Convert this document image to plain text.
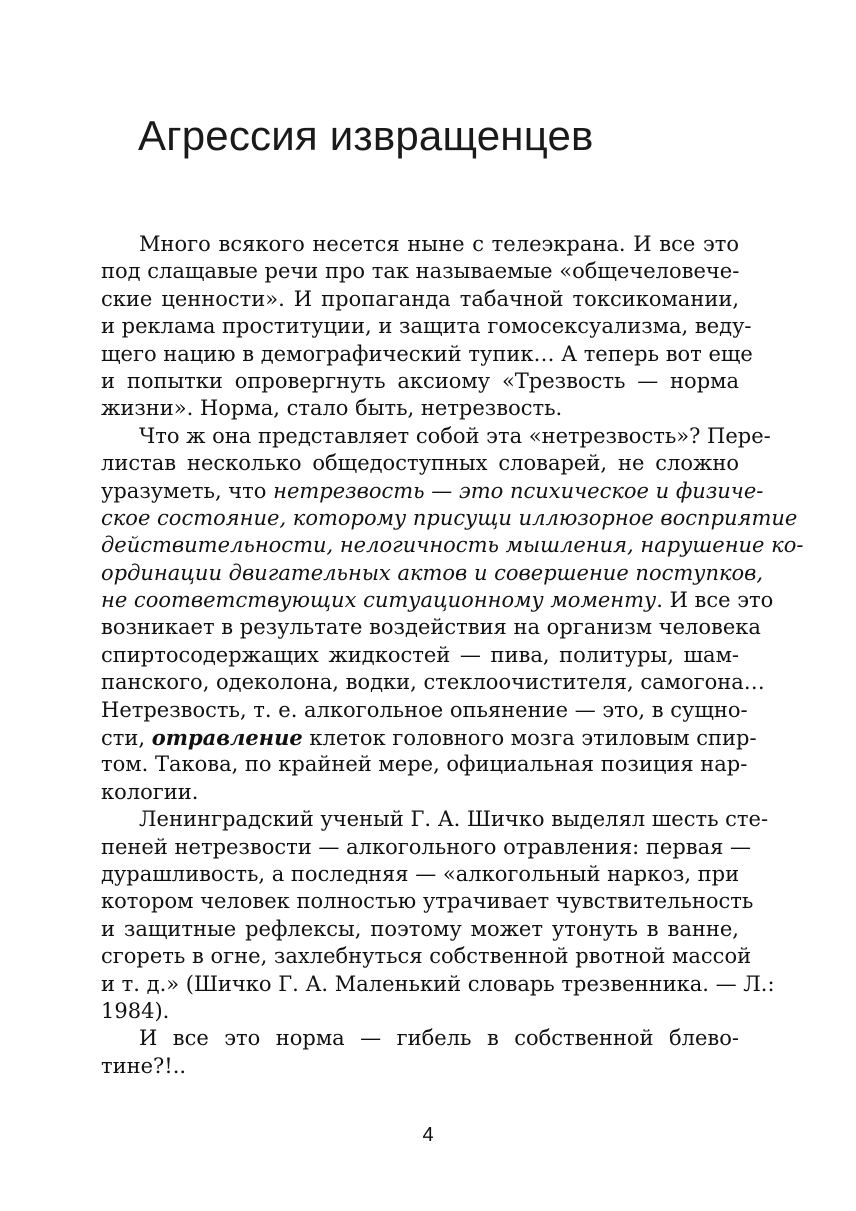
Агрессия извращенцев
Много всякого несется ныне с телеэкрана. И все это
под слащавые речи про так называемые «общечеловече-
ские ценности». И пропаганда табачной токсикомании,
и реклама проституции, и защита гомосексуализма, веду-
щего нацию в демографический тупик… А теперь вот еще
и попытки опровергнуть аксиому «Трезвость — норма
жизни». Норма, стало быть, нетрезвость.
Что ж она представляет собой эта «нетрезвость»? Пере-
листав несколько общедоступных словарей, не сложно
уразуметь, что нетрезвость — это психическое и физиче-
ское состояние, которому присущи иллюзорное восприятие
действительности, нелогичность мышления, нарушение ко-
ординации двигательных актов и совершение поступков,
не соответствующих ситуационному моменту. И все это
возникает в результате воздействия на организм человека
спиртосодержащих жидкостей — пива, политуры, шам-
панского, одеколона, водки, стеклоочистителя, самогона…
Нетрезвость, т. е. алкогольное опьянение — это, в сущно-
сти, отравление клеток головного мозга этиловым спир-
том. Такова, по крайней мере, официальная позиция нар-
кологии.
Ленинградский ученый Г. А. Шичко выделял шесть сте-
пеней нетрезвости — алкогольного отравления: первая —
дурашливость, а последняя — «алкогольный наркоз, при
котором человек полностью утрачивает чувствительность
и защитные рефлексы, поэтому может утонуть в ванне,
сгореть в огне, захлебнуться собственной рвотной массой
и т. д.» (Шичко Г. А. Маленький словарь трезвенника. — Л.:
1984).
И все это норма — гибель в собственной блево-
тине?!..
4
